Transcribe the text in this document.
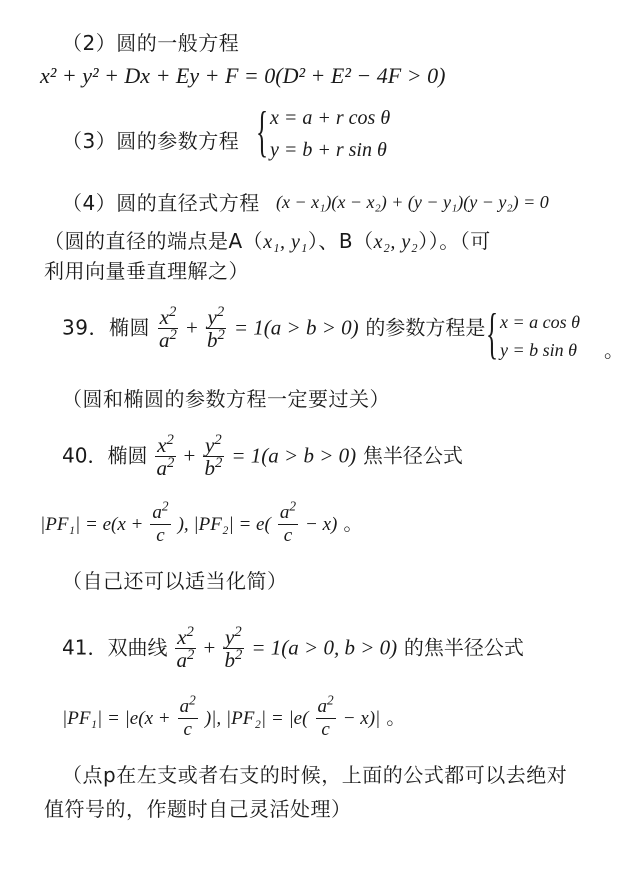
（2）圆的一般方程
x² + y² + Dx + Ey + F = 0(D² + E² − 4F > 0)
（3）圆的参数方程 { x = a + r cos θ
y = b + r sin θ
（4）圆的直径式方程 (x − x₁)(x − x₂) + (y − y₁)(y − y₂) = 0
（圆的直径的端点是A（x₁, y₁）、B（x₂, y₂））。（可
利用向量垂直理解之）
39．椭圆 $\frac{x^2}{a^2} + \frac{y^2}{b^2} = 1(a > b > 0)$ 的参数方程是 { x = a cos θ
y = b sin θ 。
（圆和椭圆的参数方程一定要过关）
40．椭圆 $\frac{x^2}{a^2} + \frac{y^2}{b^2} = 1(a > b > 0)$ 焦半径公式
$|PF_1| = e(x + \frac{a^2}{c}$ ), $|PF_2| = e( \frac{a^2}{c} - x)$ 。
（自己还可以适当化简）
41．双曲线 $\frac{x^2}{a^2} + \frac{y^2}{b^2} = 1(a > 0$, b > 0) 的焦半径公式
$|PF_1| = |e(x + \frac{a^2}{c}$ )|, $|PF_2| = |e( \frac{a^2}{c} - x)|$ 。
（点p在左支或者右支的时候，上面的公式都可以去绝对
值符号的，作题时自己灵活处理）
